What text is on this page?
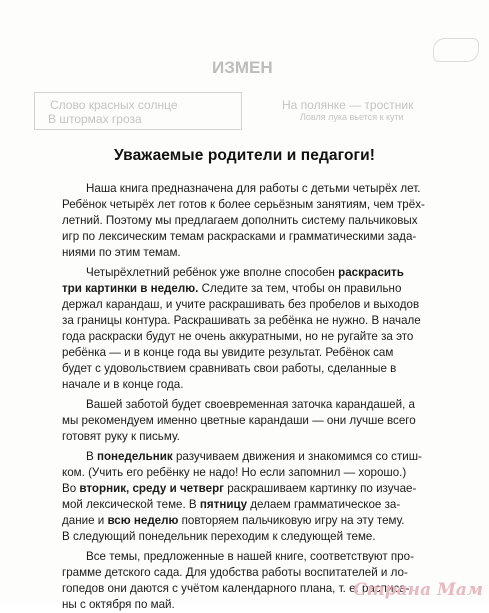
ИЗМЕН
Слово красных солнце
В штормах гроза
На полянке — тростник
Ловля лука вьется к кути
Уважаемые родители и педагоги!
Наша книга предназначена для работы с детьми четырёх лет.
Ребёнок четырёх лет готов к более серьёзным занятиям, чем трёх-
летний. Поэтому мы предлагаем дополнить систему пальчиковых
игр по лексическим темам раскрасками и грамматическими зада-
ниями по этим темам.
Четырёхлетний ребёнок уже вполне способен раскрасить
три картинки в неделю. Следите за тем, чтобы он правильно
держал карандаш, и учите раскрашивать без пробелов и выходов
за границы контура. Раскрашивать за ребёнка не нужно. В начале
года раскраски будут не очень аккуратными, но не ругайте за это
ребёнка — и в конце года вы увидите результат. Ребёнок сам
будет с удовольствием сравнивать свои работы, сделанные в
начале и в конце года.
Вашей заботой будет своевременная заточка карандашей, а
мы рекомендуем именно цветные карандаши — они лучше всего
готовят руку к письму.
В понедельник разучиваем движения и знакомимся со стиш-
ком. (Учить его ребёнку не надо! Но если запомнил — хорошо.)
Во вторник, среду и четверг раскрашиваем картинку по изучае-
мой лексической теме. В пятницу делаем грамматическое за-
дание и всю неделю повторяем пальчиковую игру на эту тему.
В следующий понедельник переходим к следующей теме.
Все темы, предложенные в нашей книге, соответствуют про-
грамме детского сада. Для удобства работы воспитателей и ло-
гопедов они даются с учётом календарного плана, т. е. расписа-
ны с октября по май.
Страна Мам
